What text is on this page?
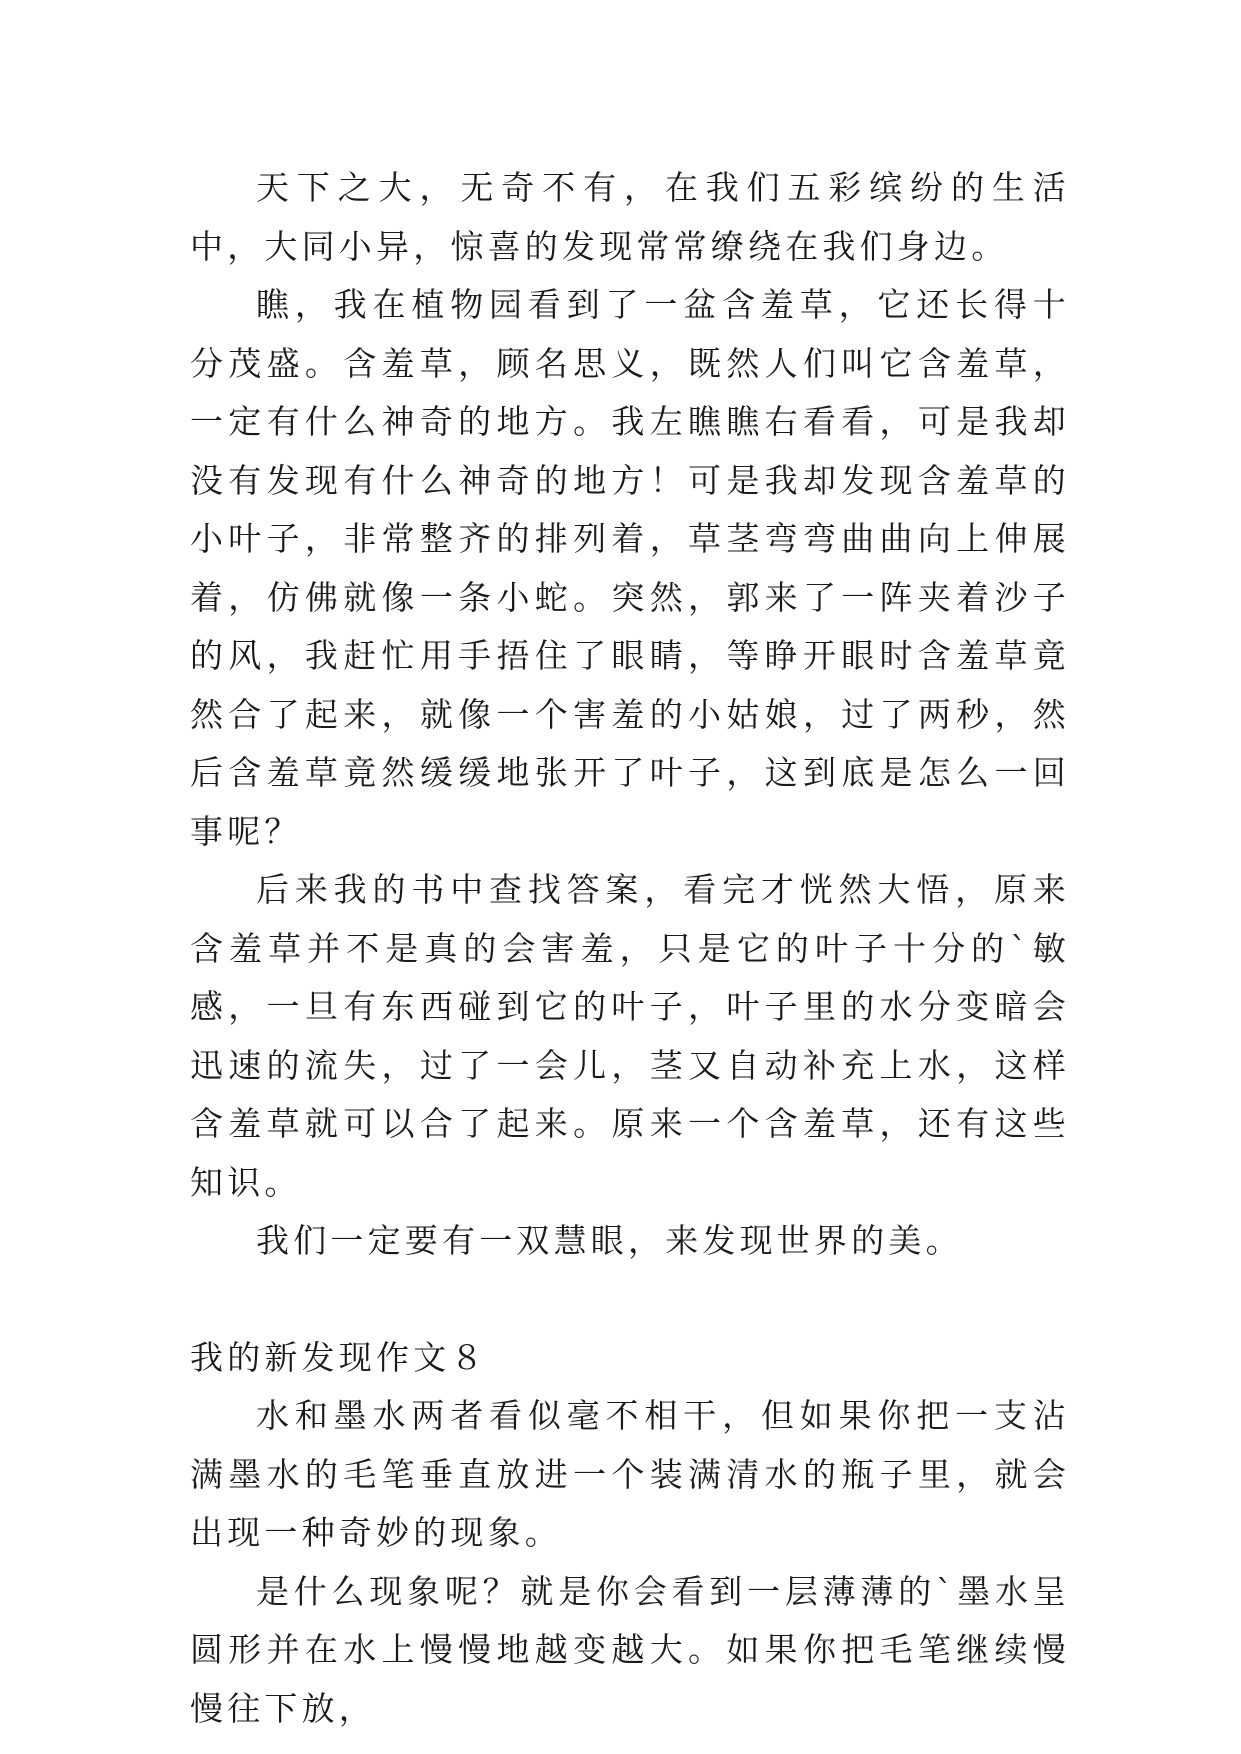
天下之大，无奇不有，在我们五彩缤纷的生活中，大同小异，惊喜的发现常常缭绕在我们身边。

瞧，我在植物园看到了一盆含羞草，它还长得十分茂盛。含羞草，顾名思义，既然人们叫它含羞草，一定有什么神奇的地方。我左瞧瞧右看看，可是我却没有发现有什么神奇的地方！可是我却发现含羞草的小叶子，非常整齐的排列着，草茎弯弯曲曲向上伸展着，仿佛就像一条小蛇。突然，郭来了一阵夹着沙子的风，我赶忙用手捂住了眼睛，等睁开眼时含羞草竟然合了起来，就像一个害羞的小姑娘，过了两秒，然后含羞草竟然缓缓地张开了叶子，这到底是怎么一回事呢？

后来我的书中查找答案，看完才恍然大悟，原来含羞草并不是真的会害羞，只是它的叶子十分的`敏感，一旦有东西碰到它的叶子，叶子里的水分变暗会迅速的流失，过了一会儿，茎又自动补充上水，这样含羞草就可以合了起来。原来一个含羞草，还有这些知识。

我们一定要有一双慧眼，来发现世界的美。

我的新发现作文８

水和墨水两者看似毫不相干，但如果你把一支沾满墨水的毛笔垂直放进一个装满清水的瓶子里，就会出现一种奇妙的现象。

是什么现象呢？就是你会看到一层薄薄的`墨水呈圆形并在水上慢慢地越变越大。如果你把毛笔继续慢慢往下放，
